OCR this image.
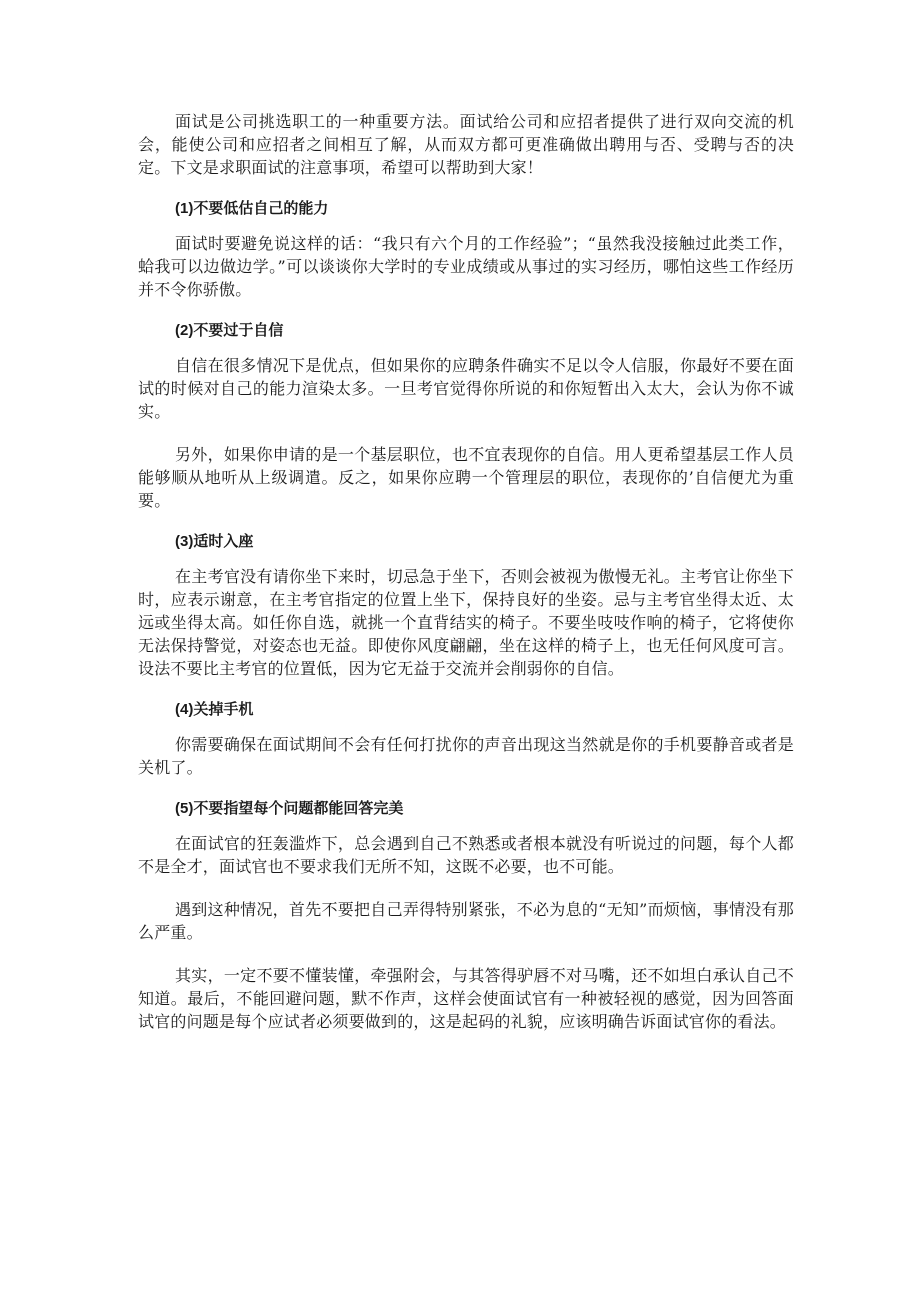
面试是公司挑选职工的一种重要方法。面试给公司和应招者提供了进行双向交流的机会，能使公司和应招者之间相互了解，从而双方都可更准确做出聘用与否、受聘与否的决定。下文是求职面试的注意事项，希望可以帮助到大家！

(1)不要低估自己的能力

面试时要避免说这样的话：“我只有六个月的工作经验”；“虽然我没接触过此类工作，蛤我可以边做边学。”可以谈谈你大学时的专业成绩或从事过的实习经历，哪怕这些工作经历并不令你骄傲。

(2)不要过于自信

自信在很多情况下是优点，但如果你的应聘条件确实不足以令人信服，你最好不要在面试的时候对自己的能力渲染太多。一旦考官觉得你所说的和你短暂出入太大，会认为你不诚实。

另外，如果你申请的是一个基层职位，也不宜表现你的自信。用人更希望基层工作人员能够顺从地听从上级调遣。反之，如果你应聘一个管理层的职位，表现你的’自信便尤为重要。

(3)适时入座

在主考官没有请你坐下来时，切忌急于坐下，否则会被视为傲慢无礼。主考官让你坐下时，应表示谢意，在主考官指定的位置上坐下，保持良好的坐姿。忌与主考官坐得太近、太远或坐得太高。如任你自选，就挑一个直背结实的椅子。不要坐吱吱作响的椅子，它将使你无法保持警觉，对姿态也无益。即使你风度翩翩，坐在这样的椅子上，也无任何风度可言。设法不要比主考官的位置低，因为它无益于交流并会削弱你的自信。

(4)关掉手机

你需要确保在面试期间不会有任何打扰你的声音出现这当然就是你的手机要静音或者是关机了。

(5)不要指望每个问题都能回答完美

在面试官的狂轰滥炸下，总会遇到自己不熟悉或者根本就没有听说过的问题，每个人都不是全才，面试官也不要求我们无所不知，这既不必要，也不可能。

遇到这种情况，首先不要把自己弄得特别紧张，不必为息的“无知”而烦恼，事情没有那么严重。

其实，一定不要不懂装懂，牵强附会，与其答得驴唇不对马嘴，还不如坦白承认自己不知道。最后，不能回避问题，默不作声，这样会使面试官有一种被轻视的感觉，因为回答面试官的问题是每个应试者必须要做到的，这是起码的礼貌，应该明确告诉面试官你的看法。
